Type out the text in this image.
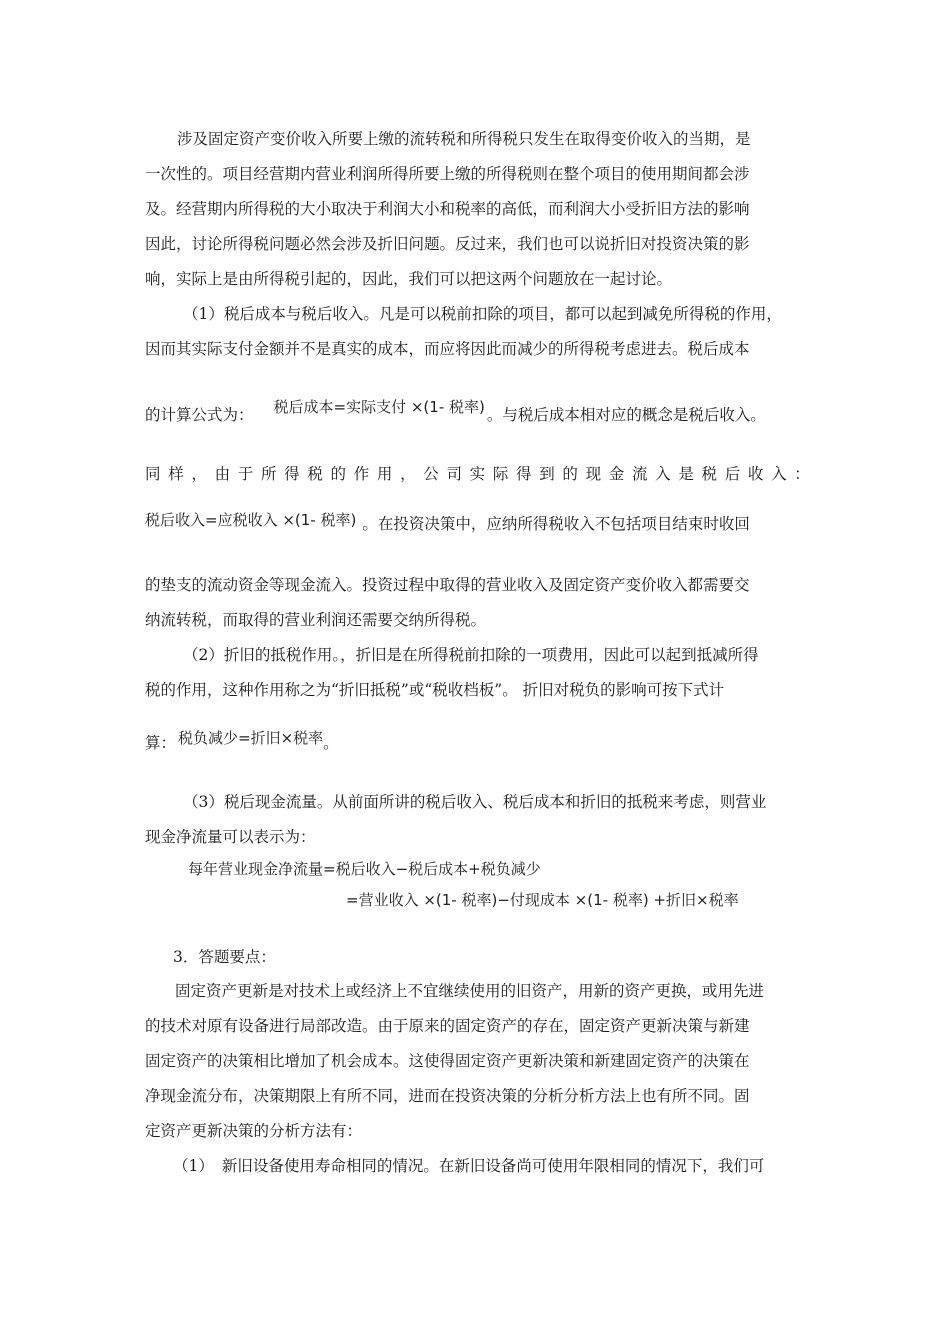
涉及固定资产变价收入所要上缴的流转税和所得税只发生在取得变价收入的当期，是
一次性的。项目经营期内营业利润所得所要上缴的所得税则在整个项目的使用期间都会涉
及。经营期内所得税的大小取决于利润大小和税率的高低，而利润大小受折旧方法的影响
因此，讨论所得税问题必然会涉及折旧问题。反过来，我们也可以说折旧对投资决策的影
响，实际上是由所得税引起的，因此，我们可以把这两个问题放在一起讨论。
（1）税后成本与税后收入。凡是可以税前扣除的项目，都可以起到减免所得税的作用，
因而其实际支付金额并不是真实的成本，而应将因此而减少的所得税考虑进去。税后成本
的计算公式为： 税后成本=实际支付 ×(1- 税率) 。与税后成本相对应的概念是税后收入。
同 样 ， 由 于 所 得 税 的 作 用 ， 公 司 实 际 得 到 的 现 金 流 入 是 税 后 收 入 ：
税后收入=应税收入 ×(1- 税率) 。在投资决策中，应纳所得税收入不包括项目结束时收回
的垫支的流动资金等现金流入。投资过程中取得的营业收入及固定资产变价收入都需要交
纳流转税，而取得的营业利润还需要交纳所得税。
（2）折旧的抵税作用。，折旧是在所得税前扣除的一项费用，因此可以起到抵减所得
税的作用，这种作用称之为“折旧抵税”或“税收档板”。 折旧对税负的影响可按下式计
算： 税负减少=折旧×税率。
（3）税后现金流量。从前面所讲的税后收入、税后成本和折旧的抵税来考虑，则营业
现金净流量可以表示为：
每年营业现金净流量=税后收入−税后成本+税负减少
=营业收入 ×(1- 税率)−付现成本 ×(1- 税率) +折旧×税率
3．答题要点：
固定资产更新是对技术上或经济上不宜继续使用的旧资产，用新的资产更换，或用先进
的技术对原有设备进行局部改造。由于原来的固定资产的存在，固定资产更新决策与新建
固定资产的决策相比增加了机会成本。这使得固定资产更新决策和新建固定资产的决策在
净现金流分布，决策期限上有所不同，进而在投资决策的分析分析方法上也有所不同。固
定资产更新决策的分析方法有：
（1） 新旧设备使用寿命相同的情况。在新旧设备尚可使用年限相同的情况下，我们可
